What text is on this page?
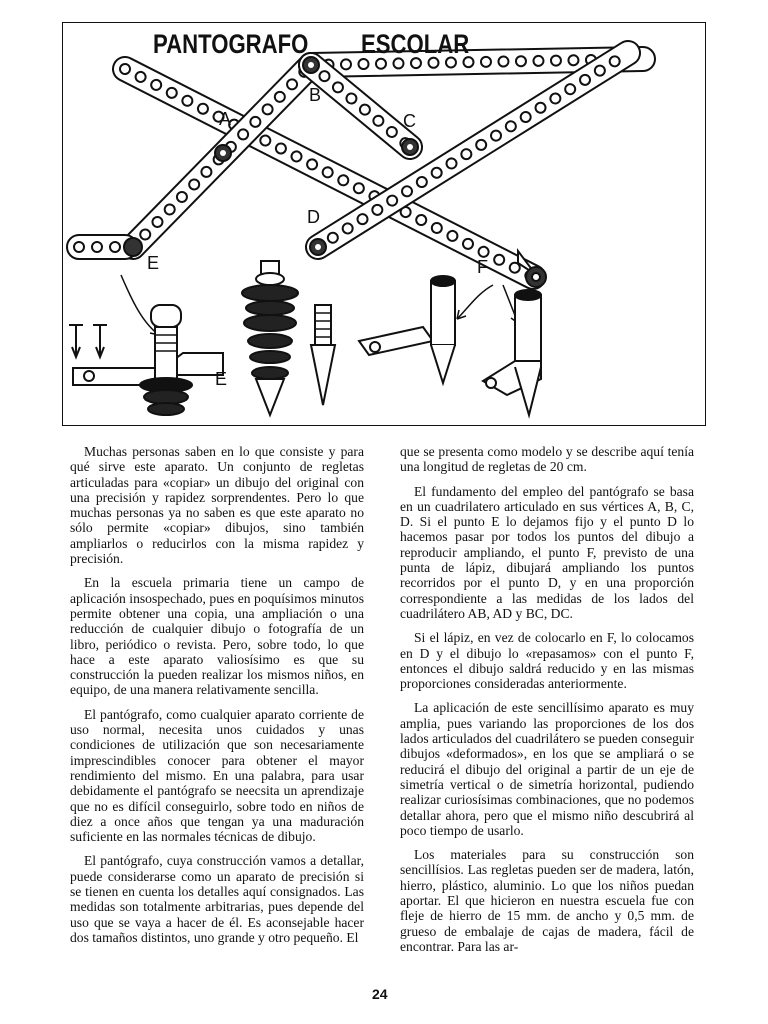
A
B
C
D
E	F
E
PANTOGRAFO ESCOLAR

Muchas personas saben en lo que consiste y para qué sirve este aparato. Un conjunto de regletas articuladas para «copiar» un dibujo del original con una precisión y rapidez sorprendentes. Pero lo que muchas personas ya no saben es que este aparato no sólo permite «copiar» dibujos, sino también ampliarlos o reducirlos con la misma rapidez y precisión.

En la escuela primaria tiene un campo de aplicación insospechado, pues en poquísimos minutos permite obtener una copia, una ampliación o una reducción de cualquier dibujo o fotografía de un libro, periódico o revista. Pero, sobre todo, lo que hace a este aparato valiosísimo es que su construcción la pueden realizar los mismos niños, en equipo, de una manera relativamente sencilla.

El pantógrafo, como cualquier aparato corriente de uso normal, necesita unos cuidados y unas condiciones de utilización que son necesariamente imprescindibles conocer para obtener el mayor rendimiento del mismo. En una palabra, para usar debidamente el pantógrafo se neecsita un aprendizaje que no es difícil conseguirlo, sobre todo en niños de diez a once años que tengan ya una maduración suficiente en las normales técnicas de dibujo.

El pantógrafo, cuya construcción vamos a detallar, puede considerarse como un aparato de precisión si se tienen en cuenta los detalles aquí consignados. Las medidas son totalmente arbitrarias, pues depende del uso que se vaya a hacer de él. Es aconsejable hacer dos tamaños distintos, uno grande y otro pequeño. El

que se presenta como modelo y se describe aquí tenía una longitud de regletas de 20 cm.

El fundamento del empleo del pantógrafo se basa en un cuadrilatero articulado en sus vértices A, B, C, D. Si el punto E lo dejamos fijo y el punto D lo hacemos pasar por todos los puntos del dibujo a reproducir ampliando, el punto F, previsto de una punta de lápiz, dibujará ampliando los puntos recorridos por el punto D, y en una proporción correspondiente a las medidas de los lados del cuadrilátero AB, AD y BC, DC.

Si el lápiz, en vez de colocarlo en F, lo colocamos en D y el dibujo lo «repasamos» con el punto F, entonces el dibujo saldrá reducido y en las mismas proporciones consideradas anteriormente.

La aplicación de este sencillísimo aparato es muy amplia, pues variando las proporciones de los dos lados articulados del cuadrilátero se pueden conseguir dibujos «deformados», en los que se ampliará o se reducirá el dibujo del original a partir de un eje de simetría vertical o de simetría horizontal, pudiendo realizar curiosísimas combinaciones, que no podemos detallar ahora, pero que el mismo niño descubrirá al poco tiempo de usarlo.

Los materiales para su construcción son sencillísios. Las regletas pueden ser de madera, latón, hierro, plástico, aluminio. Lo que los niños puedan aportar. El que hicieron en nuestra escuela fue con fleje de hierro de 15 mm. de ancho y 0,5 mm. de grueso de embalaje de cajas de madera, fácil de encontrar. Para las ar-

24
